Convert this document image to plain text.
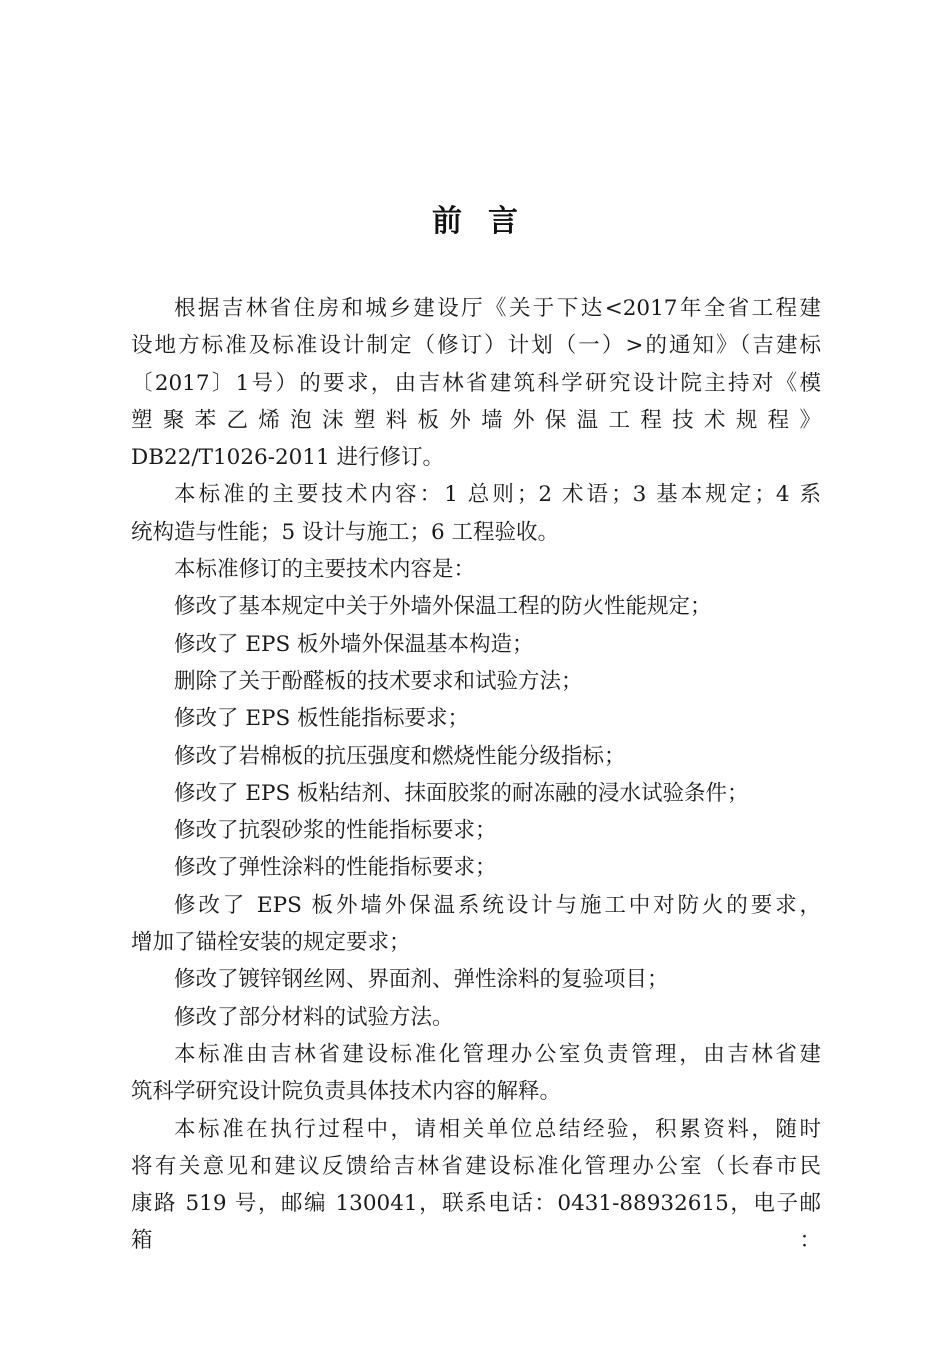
前言
根据吉林省住房和城乡建设厅《关于下达<2017年全省工程建
设地方标准及标准设计制定（修订）计划（一）>的通知》（吉建标
〔2017〕1号）的要求，由吉林省建筑科学研究设计院主持对《模
塑聚苯乙烯泡沫塑料板外墙外保温工程技术规程》
DB22/T1026-2011 进行修订。
本标准的主要技术内容：1 总则；2 术语；3 基本规定；4 系
统构造与性能；5 设计与施工；6 工程验收。
本标准修订的主要技术内容是：
修改了基本规定中关于外墙外保温工程的防火性能规定；
修改了 EPS 板外墙外保温基本构造；
删除了关于酚醛板的技术要求和试验方法；
修改了 EPS 板性能指标要求；
修改了岩棉板的抗压强度和燃烧性能分级指标；
修改了 EPS 板粘结剂、抹面胶浆的耐冻融的浸水试验条件；
修改了抗裂砂浆的性能指标要求；
修改了弹性涂料的性能指标要求；
修改了 EPS 板外墙外保温系统设计与施工中对防火的要求，
增加了锚栓安装的规定要求；
修改了镀锌钢丝网、界面剂、弹性涂料的复验项目；
修改了部分材料的试验方法。
本标准由吉林省建设标准化管理办公室负责管理，由吉林省建
筑科学研究设计院负责具体技术内容的解释。
本标准在执行过程中，请相关单位总结经验，积累资料，随时
将有关意见和建议反馈给吉林省建设标准化管理办公室（长春市民
康路 519 号，邮编 130041，联系电话：0431-88932615，电子邮箱：
